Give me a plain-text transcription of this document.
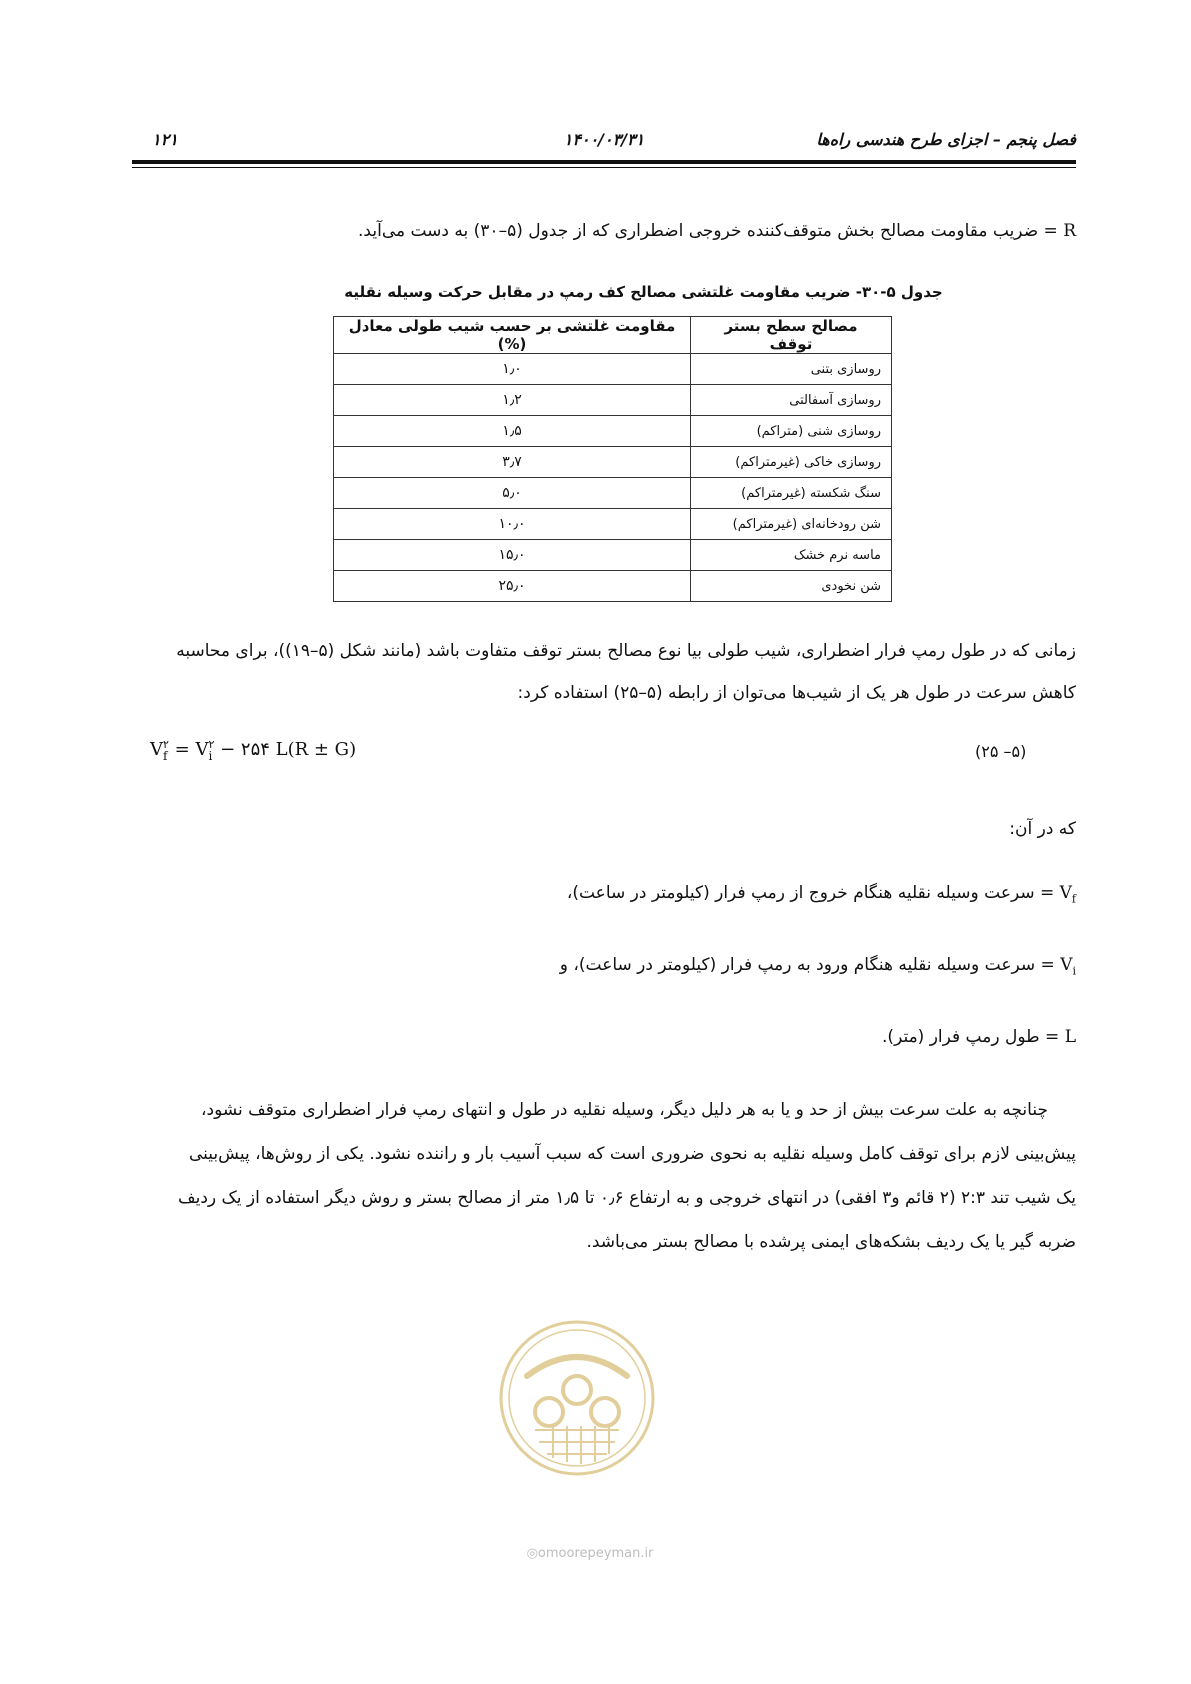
فصل پنجم – اجزای طرح هندسی راه‌ها
۱۴۰۰/۰۳/۳۱
۱۲۱
R = ضریب مقاومت مصالح بخش متوقف‌کننده خروجی اضطراری که از جدول (۵–۳۰) به دست می‌آید.
جدول ۵-۳۰- ضریب مقاومت غلتشی مصالح کف رمپ در مقابل حرکت وسیله نقلیه
مصالح سطح بستر توقف	مقاومت غلتشی بر حسب شیب طولی معادل (%)
روسازی بتنی	۱٫۰
روسازی آسفالتی	۱٫۲
روسازی شنی (متراکم)	۱٫۵
روسازی خاکی (غیرمتراکم)	۳٫۷
سنگ شکسته (غیرمتراکم)	۵٫۰
شن رودخانه‌ای (غیرمتراکم)	۱۰٫۰
ماسه نرم خشک	۱۵٫۰
شن نخودی	۲۵٫۰
زمانی که در طول رمپ فرار اضطراری، شیب طولی بیا نوع مصالح بستر توقف متفاوت باشد (مانند شکل (۵–۱۹))، برای محاسبه
کاهش سرعت در طول هر یک از شیب‌ها می‌توان از رابطه (۵–۲۵) استفاده کرد:
$V^۲$
$f = V^۲$
i − ۲۵۴ L(R ± G)	(۵– ۲۵)
که در آن:
$V_f$ = سرعت وسیله نقلیه هنگام خروج از رمپ فرار (کیلومتر در ساعت)،
$V_i$ = سرعت وسیله نقلیه هنگام ورود به رمپ فرار (کیلومتر در ساعت)، و
L = طول رمپ فرار (متر).
چنانچه به علت سرعت بیش از حد و یا به هر دلیل دیگر، وسیله نقلیه در طول و انتهای رمپ فرار اضطراری متوقف نشود،
پیش‌بینی لازم برای توقف کامل وسیله نقلیه به نحوی ضروری است که سبب آسیب بار و راننده نشود. یکی از روش‌ها، پیش‌بینی
یک شیب تند ۲:۳ (۲ قائم و۳ افقی) در انتهای خروجی و به ارتفاع ۰٫۶ تا ۱٫۵ متر از مصالح بستر و روش دیگر استفاده از یک ردیف
ضربه گیر یا یک ردیف بشکه‌های ایمنی پرشده با مصالح بستر می‌باشد.
◎omoorepeyman.ir
